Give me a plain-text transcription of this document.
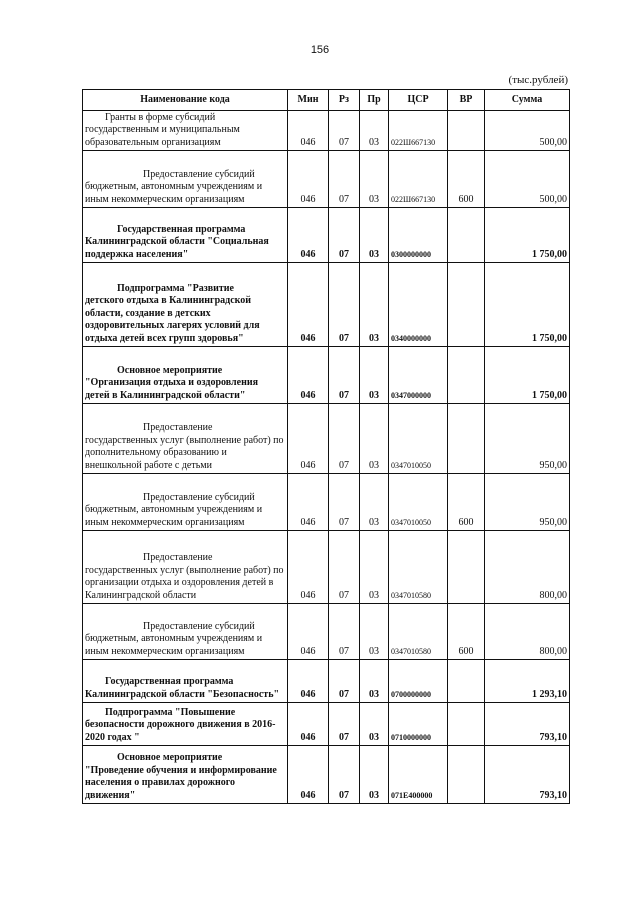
156
(тыс.рублей)
Наименование кода	Мин	Рз	Пр	ЦСР	ВР	Сумма

Гранты в форме субсидий
государственным и муниципальным образовательным организациям	046	07	03	022Ш667130		500,00

Предоставление субсидий
бюджетным, автономным учреждениям и иным некоммерческим организациям	046	07	03	022Ш667130	600	500,00

Государственная программа
Калининградской области "Социальная поддержка населения"	046	07	03	0300000000		1 750,00

Подпрограмма "Развитие
детского отдыха в Калининградской области, создание в детских оздоровительных лагерях условий для отдыха детей всех групп здоровья"	046	07	03	0340000000		1 750,00

Основное мероприятие
"Организация отдыха и оздоровления детей в Калининградской области"	046	07	03	0347000000		1 750,00

Предоставление
государственных услуг (выполнение работ) по дополнительному образованию и внешкольной работе с детьми	046	07	03	0347010050		950,00

Предоставление субсидий
бюджетным, автономным учреждениям и иным некоммерческим организациям	046	07	03	0347010050	600	950,00

Предоставление
государственных услуг (выполнение работ) по организации отдыха и оздоровления детей в Калининградской области	046	07	03	0347010580		800,00

Предоставление субсидий
бюджетным, автономным учреждениям и иным некоммерческим организациям	046	07	03	0347010580	600	800,00

Государственная программа
Калининградской области "Безопасность"	046	07	03	0700000000		1 293,10

Подпрограмма "Повышение
безопасности дорожного движения в 2016-2020 годах "	046	07	03	0710000000		793,10

Основное мероприятие
"Проведение обучения и информирование населения о правилах дорожного движения"	046	07	03	071Е400000		793,10
